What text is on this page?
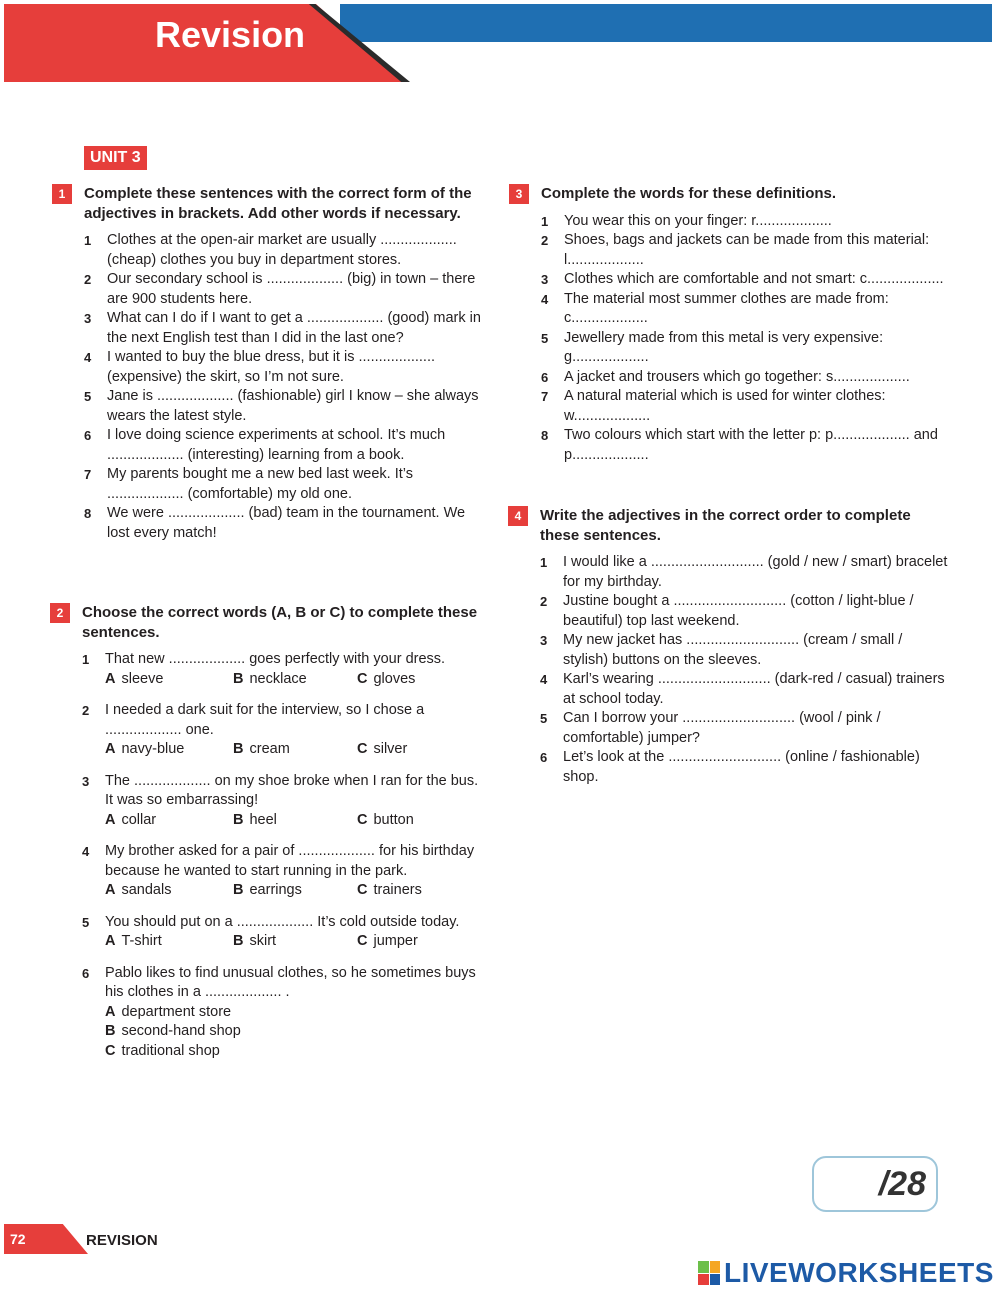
Revision
UNIT 3
1	Complete these sentences with the correct form of the adjectives in brackets. Add other words if necessary.
1 Clothes at the open-air market are usually ................... (cheap) clothes you buy in department stores.
2 Our secondary school is ................... (big) in town – there are 900 students here.
3 What can I do if I want to get a ................... (good) mark in the next English test than I did in the last one?
4 I wanted to buy the blue dress, but it is ................... (expensive) the skirt, so I’m not sure.
5 Jane is ................... (fashionable) girl I know – she always wears the latest style.
6 I love doing science experiments at school. It’s much ................... (interesting) learning from a book.
7 My parents bought me a new bed last week. It’s ................... (comfortable) my old one.
8 We were ................... (bad) team in the tournament. We lost every match!
2	Choose the correct words (A, B or C) to complete these sentences.
1 That new ................... goes perfectly with your dress.
A sleeve	B necklace	C gloves
2 I needed a dark suit for the interview, so I chose a ................... one.
A navy-blue	B cream	C silver
3 The ................... on my shoe broke when I ran for the bus. It was so embarrassing!
A collar	B heel	C button
4 My brother asked for a pair of ................... for his birthday because he wanted to start running in the park.
A sandals	B earrings	C trainers
5 You should put on a ................... It’s cold outside today.
A T-shirt	B skirt	C jumper
6 Pablo likes to find unusual clothes, so he sometimes buys his clothes in a ................... .
A department store
B second-hand shop
C traditional shop
3	Complete the words for these definitions.
1 You wear this on your finger: r...................
2 Shoes, bags and jackets can be made from this material: l...................
3 Clothes which are comfortable and not smart: c...................
4 The material most summer clothes are made from: c...................
5 Jewellery made from this metal is very expensive: g...................
6 A jacket and trousers which go together: s...................
7 A natural material which is used for winter clothes: w...................
8 Two colours which start with the letter p: p................... and p...................
4	Write the adjectives in the correct order to complete these sentences.
1 I would like a ............................ (gold / new / smart) bracelet for my birthday.
2 Justine bought a ............................ (cotton / light-blue / beautiful) top last weekend.
3 My new jacket has ............................ (cream / small / stylish) buttons on the sleeves.
4 Karl’s wearing ............................ (dark-red / casual) trainers at school today.
5 Can I borrow your ............................ (wool / pink / comfortable) jumper?
6 Let’s look at the ............................ (online / fashionable) shop.
/28
72	REVISION
LIVEWORKSHEETS
